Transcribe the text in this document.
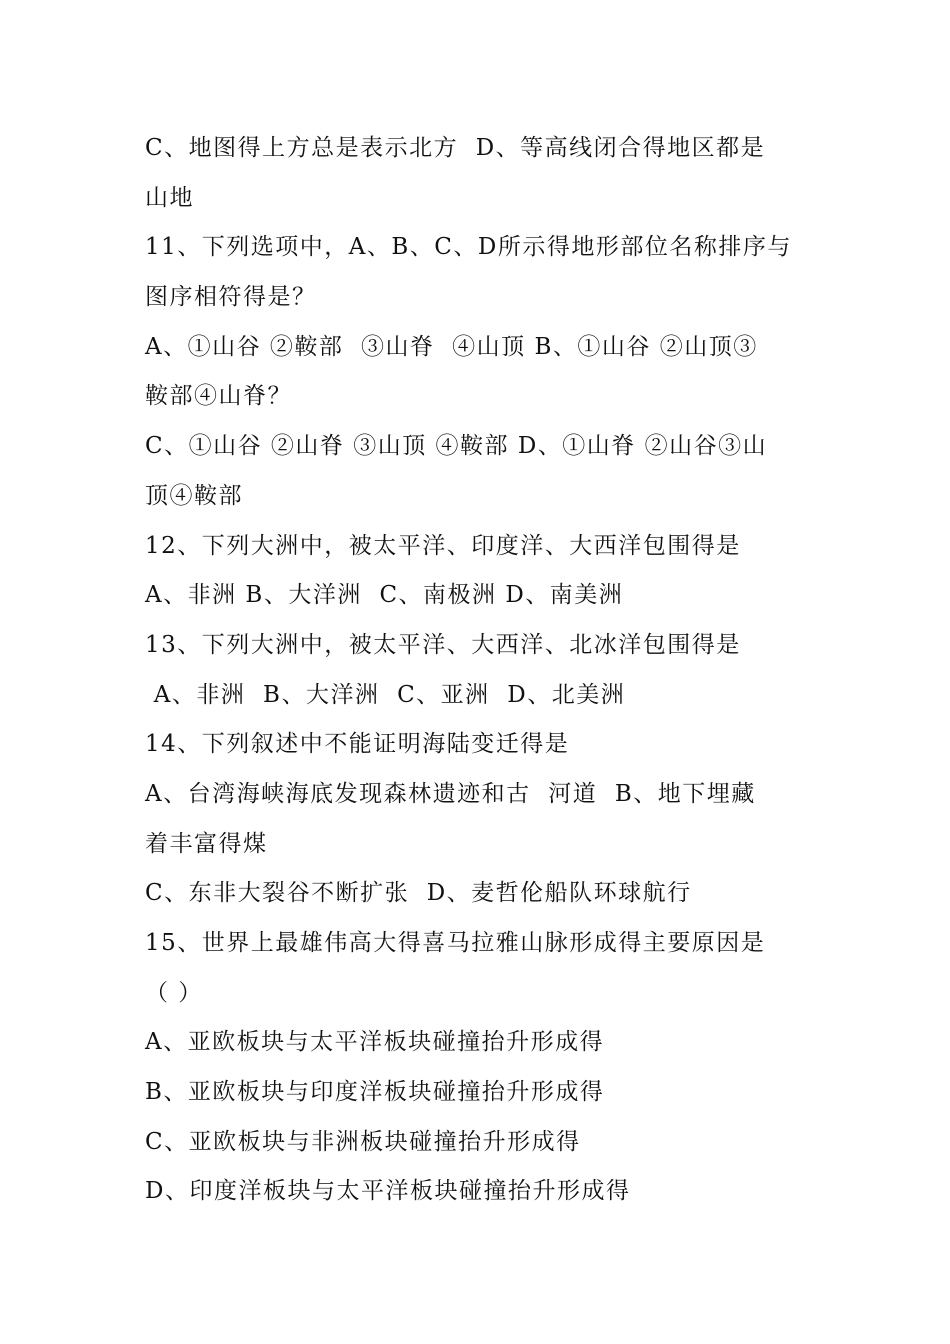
C、地图得上方总是表示北方  D、等高线闭合得地区都是
山地
11、下列选项中，A、B、C、D所示得地形部位名称排序与
图序相符得是？
A、①山谷 ②鞍部  ③山脊  ④山顶 B、①山谷 ②山顶③
鞍部④山脊？
C、①山谷 ②山脊 ③山顶 ④鞍部 D、①山脊 ②山谷③山
顶④鞍部
12、下列大洲中，被太平洋、印度洋、大西洋包围得是
A、非洲 B、大洋洲  C、南极洲 D、南美洲
13、下列大洲中，被太平洋、大西洋、北冰洋包围得是
A、非洲  B、大洋洲  C、亚洲  D、北美洲
14、下列叙述中不能证明海陆变迁得是
A、台湾海峡海底发现森林遗迹和古  河道  B、地下埋藏
着丰富得煤
C、东非大裂谷不断扩张  D、麦哲伦船队环球航行
15、世界上最雄伟高大得喜马拉雅山脉形成得主要原因是
（ ）
A、亚欧板块与太平洋板块碰撞抬升形成得
B、亚欧板块与印度洋板块碰撞抬升形成得
C、亚欧板块与非洲板块碰撞抬升形成得
D、印度洋板块与太平洋板块碰撞抬升形成得
